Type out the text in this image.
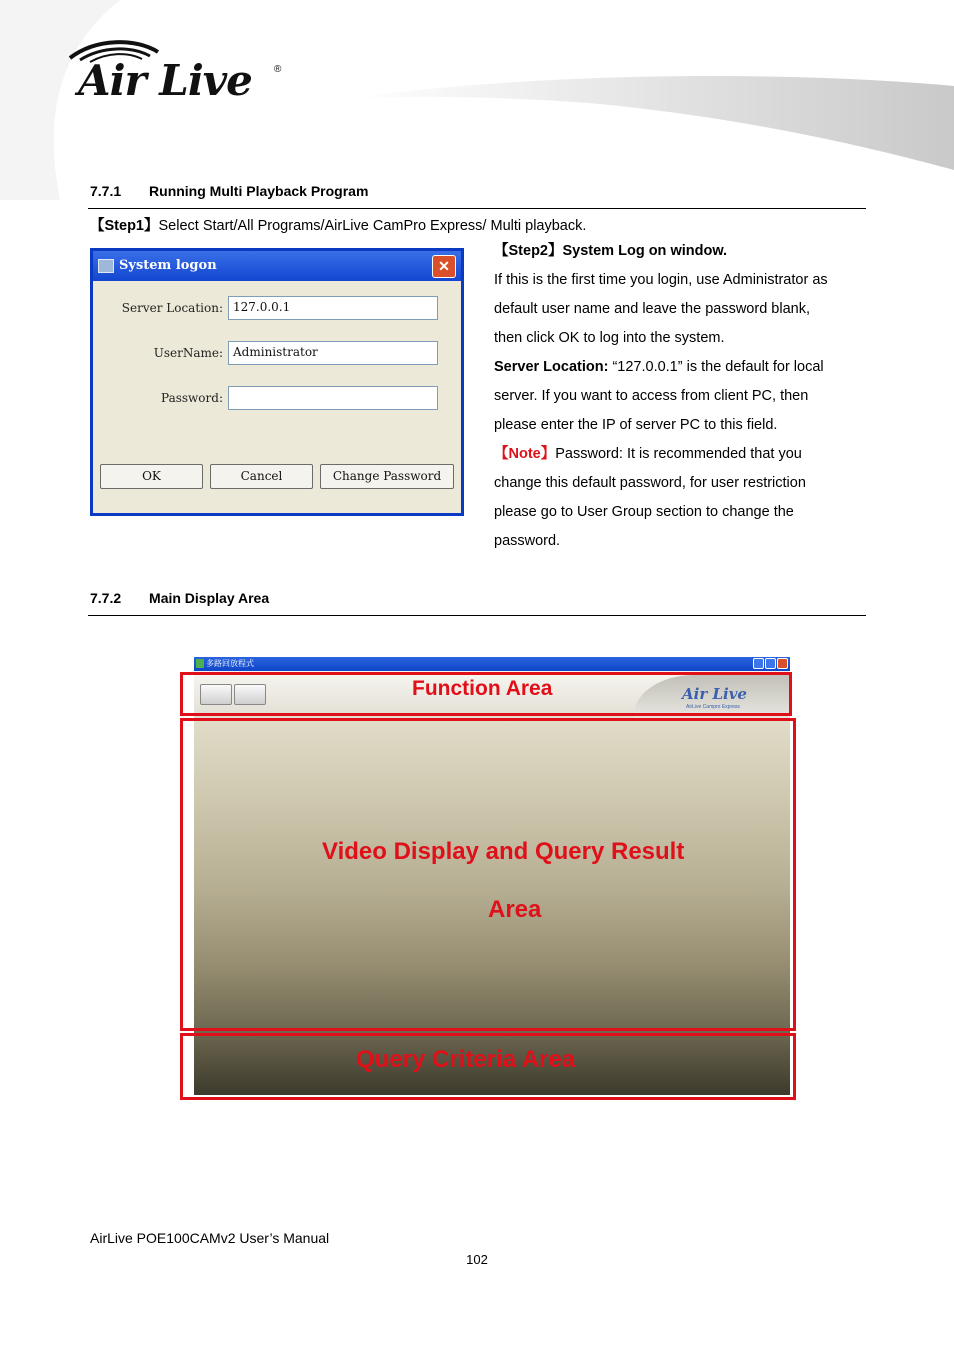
Air Live ®
7.7.1 Running Multi Playback Program
【Step1】Select Start/All Programs/AirLive CamPro Express/ Multi playback.
System logon	✕
Server Location: 127.0.0.1
UserName: Administrator
Password:
OK	Cancel	Change Password
【Step2】System Log on window.
If this is the first time you login, use Administrator as
default user name and leave the password blank,
then click OK to log into the system.
Server Location: “127.0.0.1” is the default for local
server. If you want to access from client PC, then
please enter the IP of server PC to this field.
【Note】Password: It is recommended that you
change this default password, for user restriction
please go to User Group section to change the
password.
7.7.2 Main Display Area
多路回放程式
Air Live
AirLive Campro Express
Function Area
Video Display and Query Result
Area
Query Criteria Area
AirLive POE100CAMv2 User’s Manual
102
